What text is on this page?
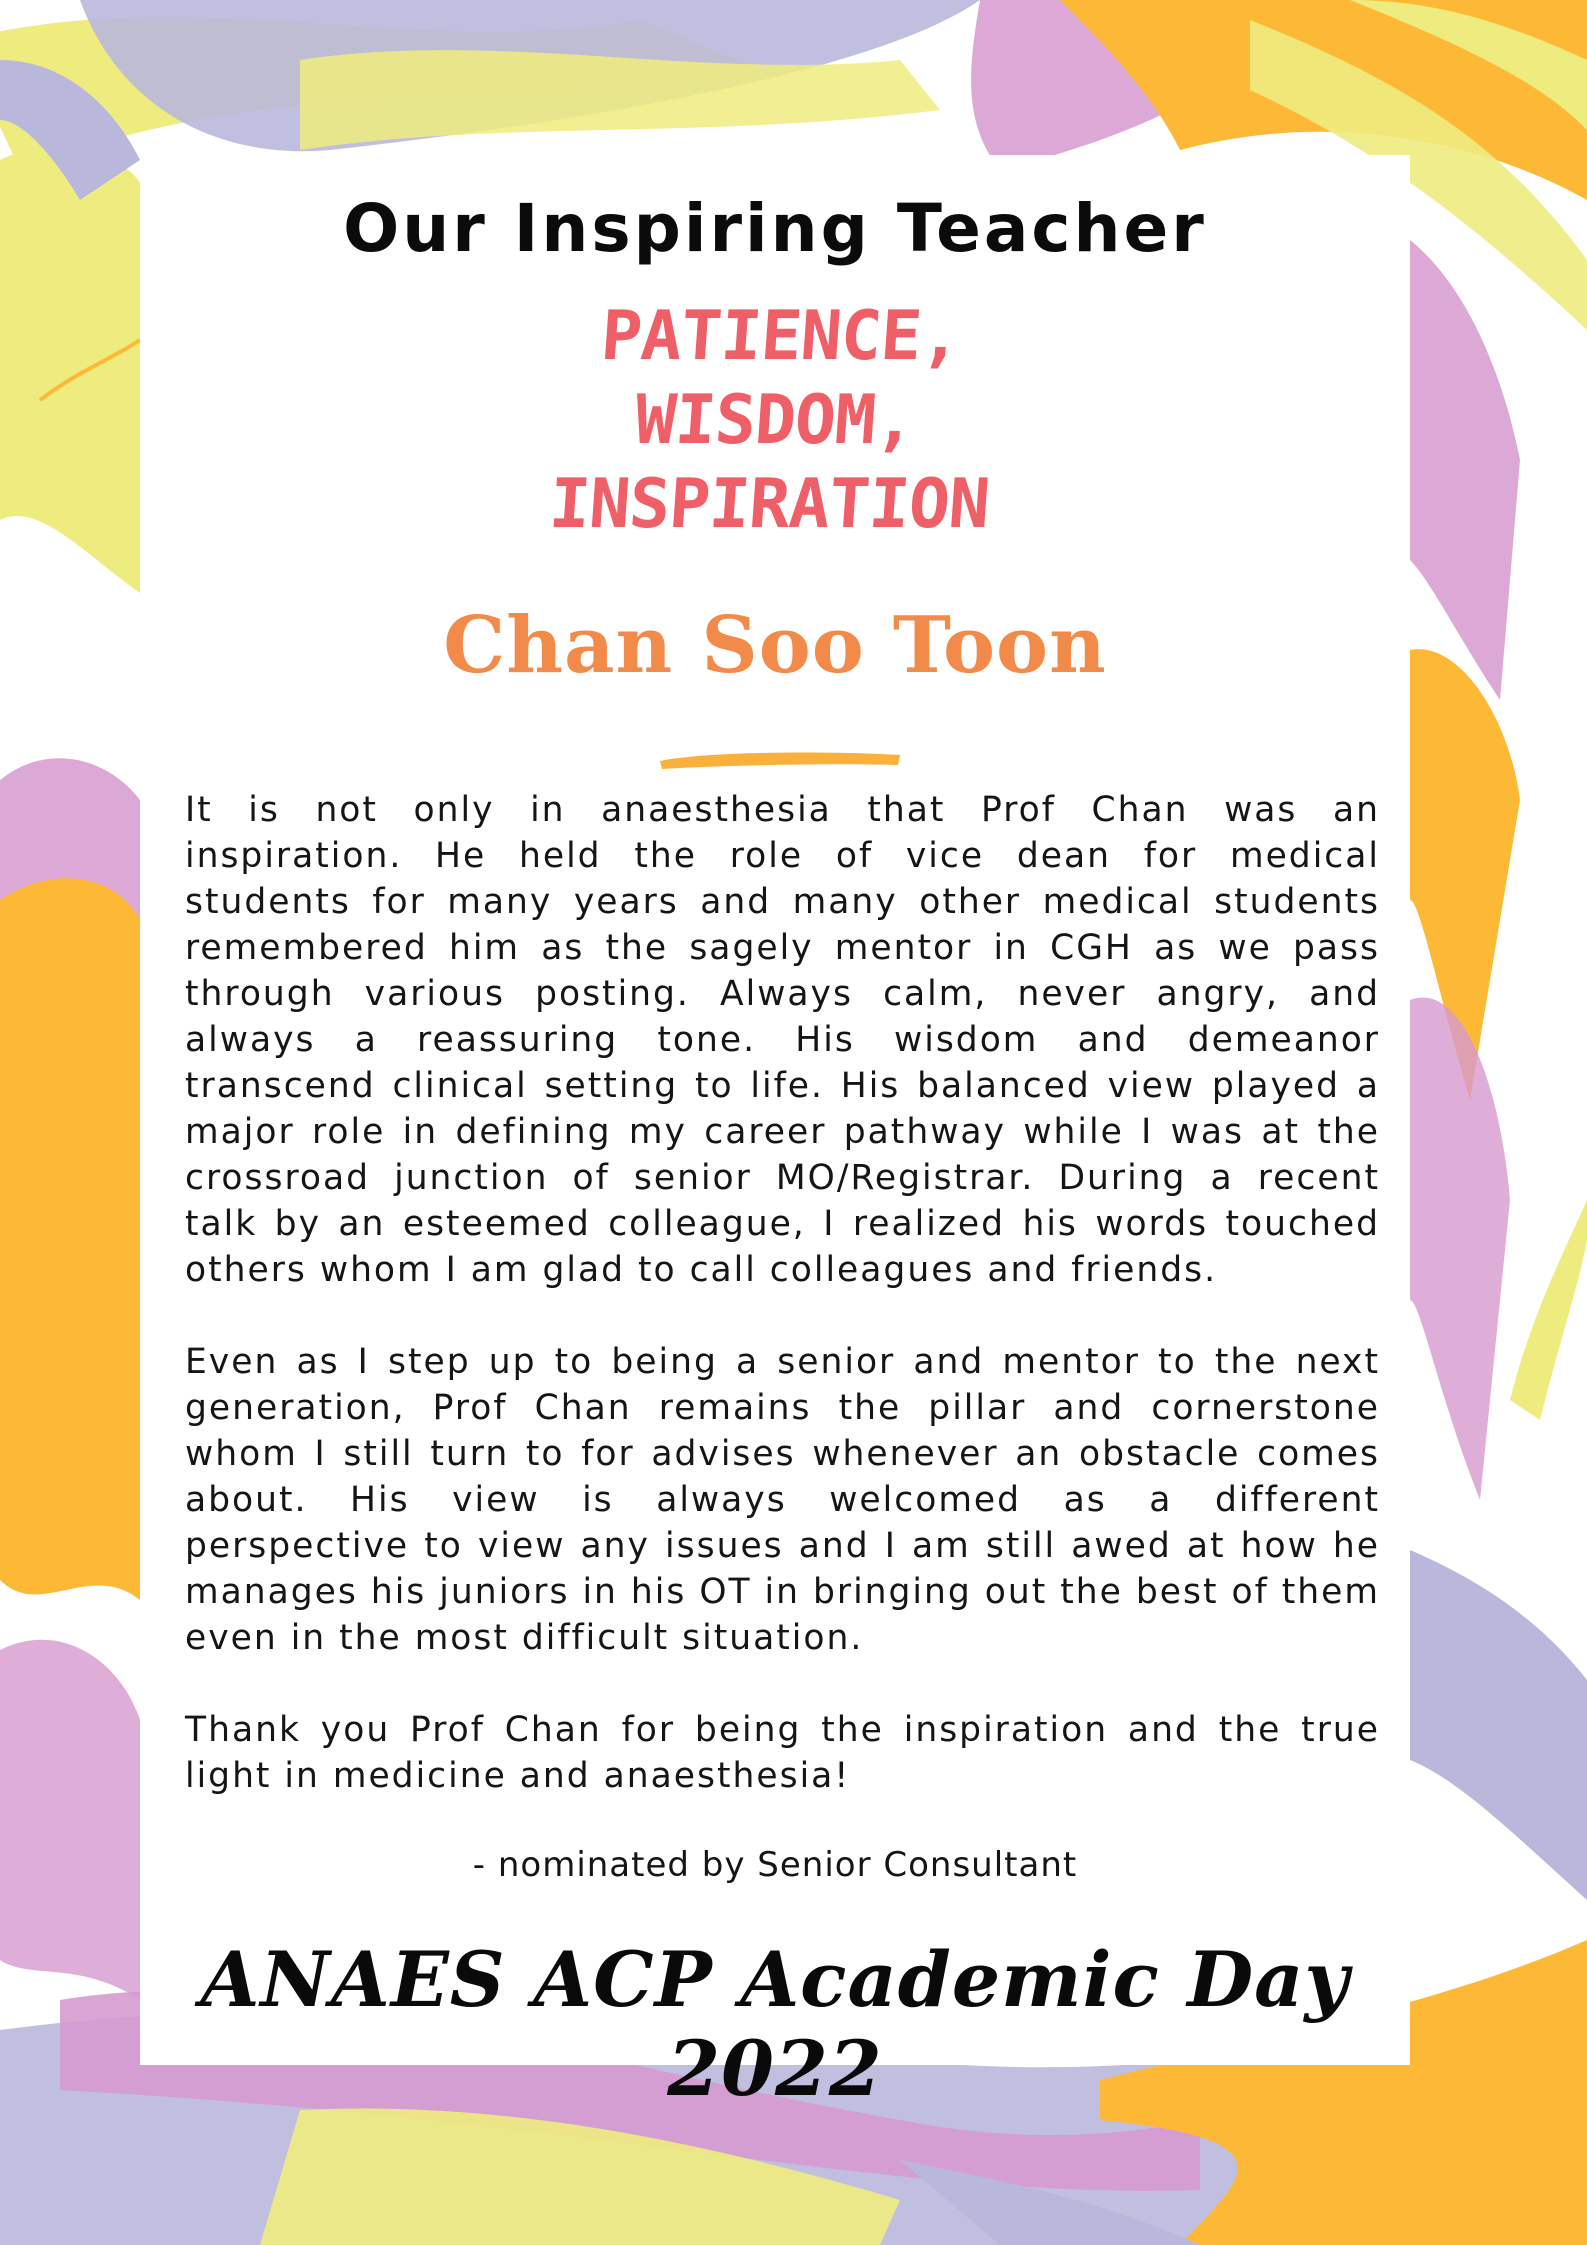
Our Inspiring Teacher
PATIENCE,
WISDOM,
INSPIRATION
Chan Soo Toon

It is not only in anaesthesia that Prof Chan was an inspiration. He held the role of vice dean for medical students for many years and many other medical students remembered him as the sagely mentor in CGH as we pass through various posting. Always calm, never angry, and always a reassuring tone. His wisdom and demeanor transcend clinical setting to life. His balanced view played a major role in defining my career pathway while I was at the crossroad junction of senior MO/Registrar. During a recent talk by an esteemed colleague, I realized his words touched others whom I am glad to call colleagues and friends.

Even as I step up to being a senior and mentor to the next generation, Prof Chan remains the pillar and cornerstone whom I still turn to for advises whenever an obstacle comes about. His view is always welcomed as a different perspective to view any issues and I am still awed at how he manages his juniors in his OT in bringing out the best of them even in the most difficult situation.

Thank you Prof Chan for being the inspiration and the true light in medicine and anaesthesia!

- nominated by Senior Consultant
ANAES ACP Academic Day 2022
